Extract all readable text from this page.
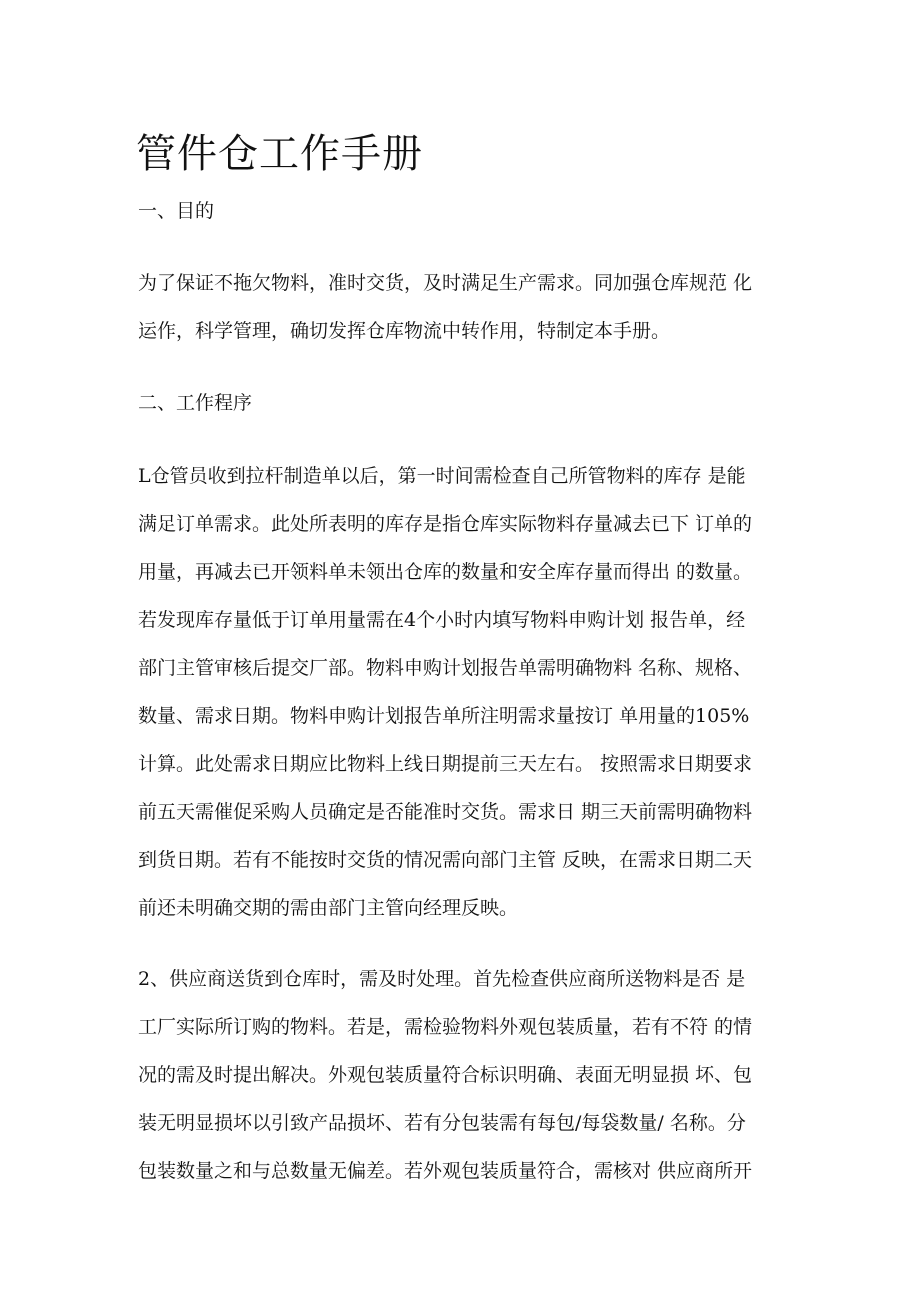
管件仓工作手册
一、目的

为了保证不拖欠物料，准时交货，及时满足生产需求。同加强仓库规范 化
运作，科学管理，确切发挥仓库物流中转作用，特制定本手册。

二、工作程序

L仓管员收到拉杆制造单以后，第一时间需检查自己所管物料的库存 是能
满足订单需求。此处所表明的库存是指仓库实际物料存量减去已下 订单的
用量，再减去已开领料单未领出仓库的数量和安全库存量而得出 的数量。
若发现库存量低于订单用量需在4个小时内填写物料申购计划 报告单，经
部门主管审核后提交厂部。物料申购计划报告单需明确物料 名称、规格、
数量、需求日期。物料申购计划报告单所注明需求量按订 单用量的105%
计算。此处需求日期应比物料上线日期提前三天左右。 按照需求日期要求
前五天需催促采购人员确定是否能准时交货。需求日 期三天前需明确物料
到货日期。若有不能按时交货的情况需向部门主管 反映，在需求日期二天
前还未明确交期的需由部门主管向经理反映。

2、供应商送货到仓库时，需及时处理。首先检查供应商所送物料是否 是
工厂实际所订购的物料。若是，需检验物料外观包装质量，若有不符 的情
况的需及时提出解决。外观包装质量符合标识明确、表面无明显损 坏、包
装无明显损坏以引致产品损坏、若有分包装需有每包/每袋数量/ 名称。分
包装数量之和与总数量无偏差。若外观包装质量符合，需核对 供应商所开
